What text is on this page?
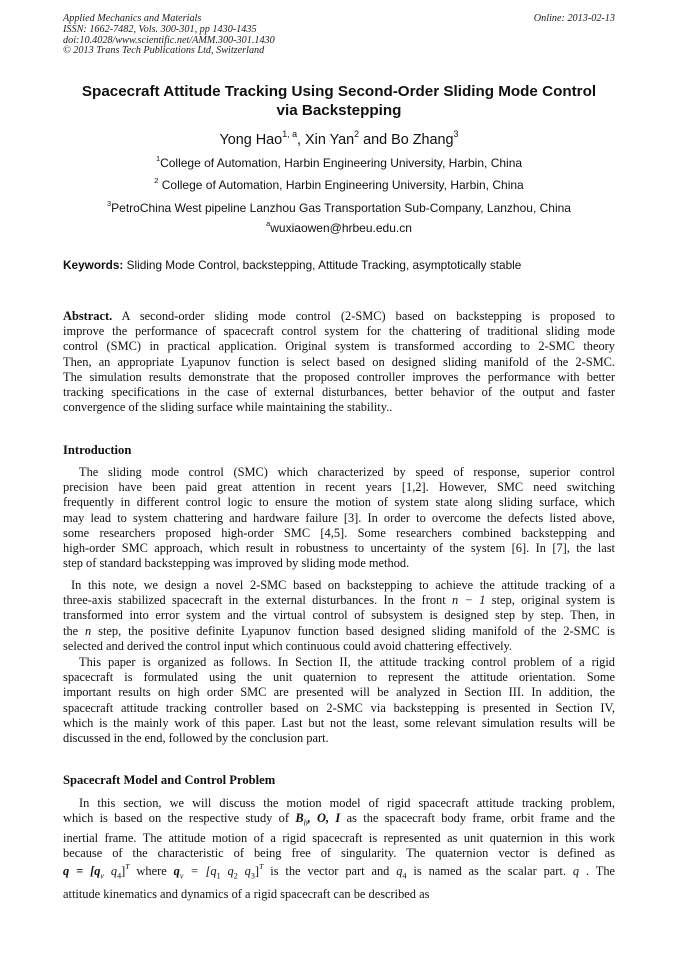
Applied Mechanics and Materials
ISSN: 1662-7482, Vols. 300-301, pp 1430-1435
doi:10.4028/www.scientific.net/AMM.300-301.1430
© 2013 Trans Tech Publications Ltd, Switzerland
Online: 2013-02-13
Spacecraft Attitude Tracking Using Second-Order Sliding Mode Control
via Backstepping
Yong Hao$^{1, a}$, Xin Yan$^2$ and Bo Zhang$^3$
$^1$College of Automation, Harbin Engineering University, Harbin, China
$^2$ College of Automation, Harbin Engineering University, Harbin, China
$^3$PetroChina West pipeline Lanzhou Gas Transportation Sub-Company, Lanzhou, China
$^a$wuxiaowen@hrbeu.edu.cn
Keywords: Sliding Mode Control, backstepping, Attitude Tracking, asymptotically stable
Abstract. A second-order sliding mode control (2-SMC) based on backstepping is proposed to
improve the performance of spacecraft control system for the chattering of traditional sliding mode
control (SMC) in practical application. Original system is transformed according to 2-SMC theory
Then, an appropriate Lyapunov function is select based on designed sliding manifold of the 2-SMC.
The simulation results demonstrate that the proposed controller improves the performance with better
tracking specifications in the case of external disturbances, better behavior of the output and faster
convergence of the sliding surface while maintaining the stability..
Introduction
The sliding mode control (SMC) which characterized by speed of response, superior control
precision have been paid great attention in recent years [1,2]. However, SMC need switching
frequently in different control logic to ensure the motion of system state along sliding surface, which
may lead to system chattering and hardware failure [3]. In order to overcome the defects listed above,
some researchers proposed high-order SMC [4,5]. Some researchers combined backstepping and
high-order SMC approach, which result in robustness to uncertainty of the system [6]. In [7], the last
step of standard backstepping was improved by sliding mode method.
In this note, we design a novel 2-SMC based on backstepping to achieve the attitude tracking of a
three-axis stabilized spacecraft in the external disturbances. In the front n − 1 step, original system is
transformed into error system and the virtual control of subsystem is designed step by step. Then, in
the n step, the positive definite Lyapunov function based designed sliding manifold of the 2-SMC is
selected and derived the control input which continuous could avoid chattering effectively.
This paper is organized as follows. In Section II, the attitude tracking control problem of a rigid
spacecraft is formulated using the unit quaternion to represent the attitude orientation. Some
important results on high order SMC are presented will be analyzed in Section III. In addition, the
spacecraft attitude tracking controller based on 2-SMC via backstepping is presented in Section IV,
which is the mainly work of this paper. Last but not the least, some relevant simulation results will be
discussed in the end, followed by the conclusion part.
Spacecraft Model and Control Problem
In this section, we will discuss the motion model of rigid spacecraft attitude tracking problem,
which is based on the respective study of $B_b$, O, I as the spacecraft body frame, orbit frame and the
inertial frame. The attitude motion of a rigid spacecraft is represented as unit quaternion in this work
because of the characteristic of being free of singularity. The quaternion vector is defined as
$q = [q_v$ $q_4]^T$ where $q_v = [q_1$ $q_2$ $q_3]^T$ is the vector part and $q_4$ is named as the scalar part. q . The
attitude kinematics and dynamics of a rigid spacecraft can be described as
